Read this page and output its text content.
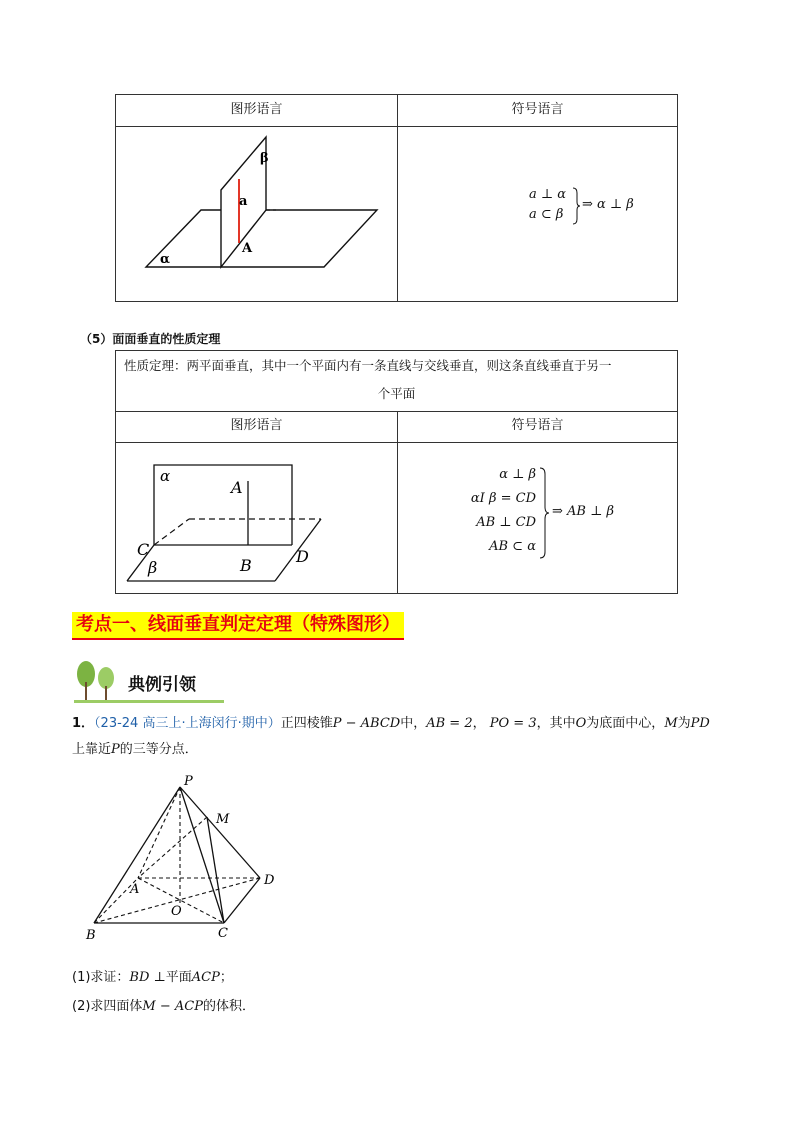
图形语言	符号语言
β
a
A
α
a ⊥ α
a ⊂ β
⇒ α ⊥ β
（5）面面垂直的性质定理
性质定理：两平面垂直，其中一个平面内有一条直线与交线垂直，则这条直线垂直于另一
个平面
图形语言	符号语言
α
A
C
B	D
β
α ⊥ β
αI β = CD
AB ⊥ CD
AB ⊂ α
⇒ AB ⊥ β
考点一、线面垂直判定定理（特殊图形）
典例引领
1．（23-24 高三上·上海闵行·期中）正四棱锥P − ABCD中，AB = 2， PO = 3，其中O为底面中心，M为PD
上靠近P的三等分点．
P
M
A
D
O
B	C
(1)求证：BD ⊥平面ACP；
(2)求四面体M − ACP的体积．
